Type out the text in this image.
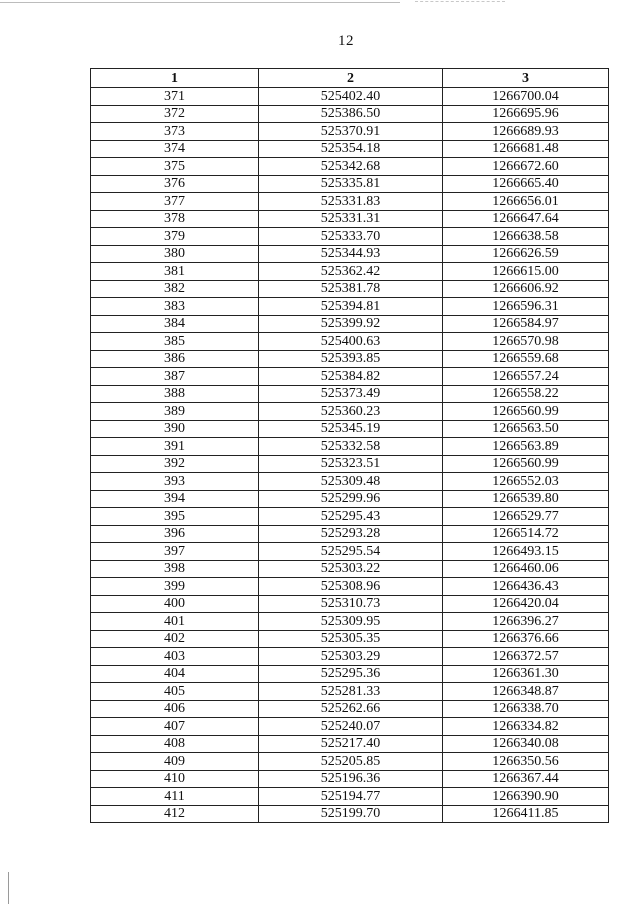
12
1	2	3
371	525402.40	1266700.04
372	525386.50	1266695.96
373	525370.91	1266689.93
374	525354.18	1266681.48
375	525342.68	1266672.60
376	525335.81	1266665.40
377	525331.83	1266656.01
378	525331.31	1266647.64
379	525333.70	1266638.58
380	525344.93	1266626.59
381	525362.42	1266615.00
382	525381.78	1266606.92
383	525394.81	1266596.31
384	525399.92	1266584.97
385	525400.63	1266570.98
386	525393.85	1266559.68
387	525384.82	1266557.24
388	525373.49	1266558.22
389	525360.23	1266560.99
390	525345.19	1266563.50
391	525332.58	1266563.89
392	525323.51	1266560.99
393	525309.48	1266552.03
394	525299.96	1266539.80
395	525295.43	1266529.77
396	525293.28	1266514.72
397	525295.54	1266493.15
398	525303.22	1266460.06
399	525308.96	1266436.43
400	525310.73	1266420.04
401	525309.95	1266396.27
402	525305.35	1266376.66
403	525303.29	1266372.57
404	525295.36	1266361.30
405	525281.33	1266348.87
406	525262.66	1266338.70
407	525240.07	1266334.82
408	525217.40	1266340.08
409	525205.85	1266350.56
410	525196.36	1266367.44
411	525194.77	1266390.90
412	525199.70	1266411.85
